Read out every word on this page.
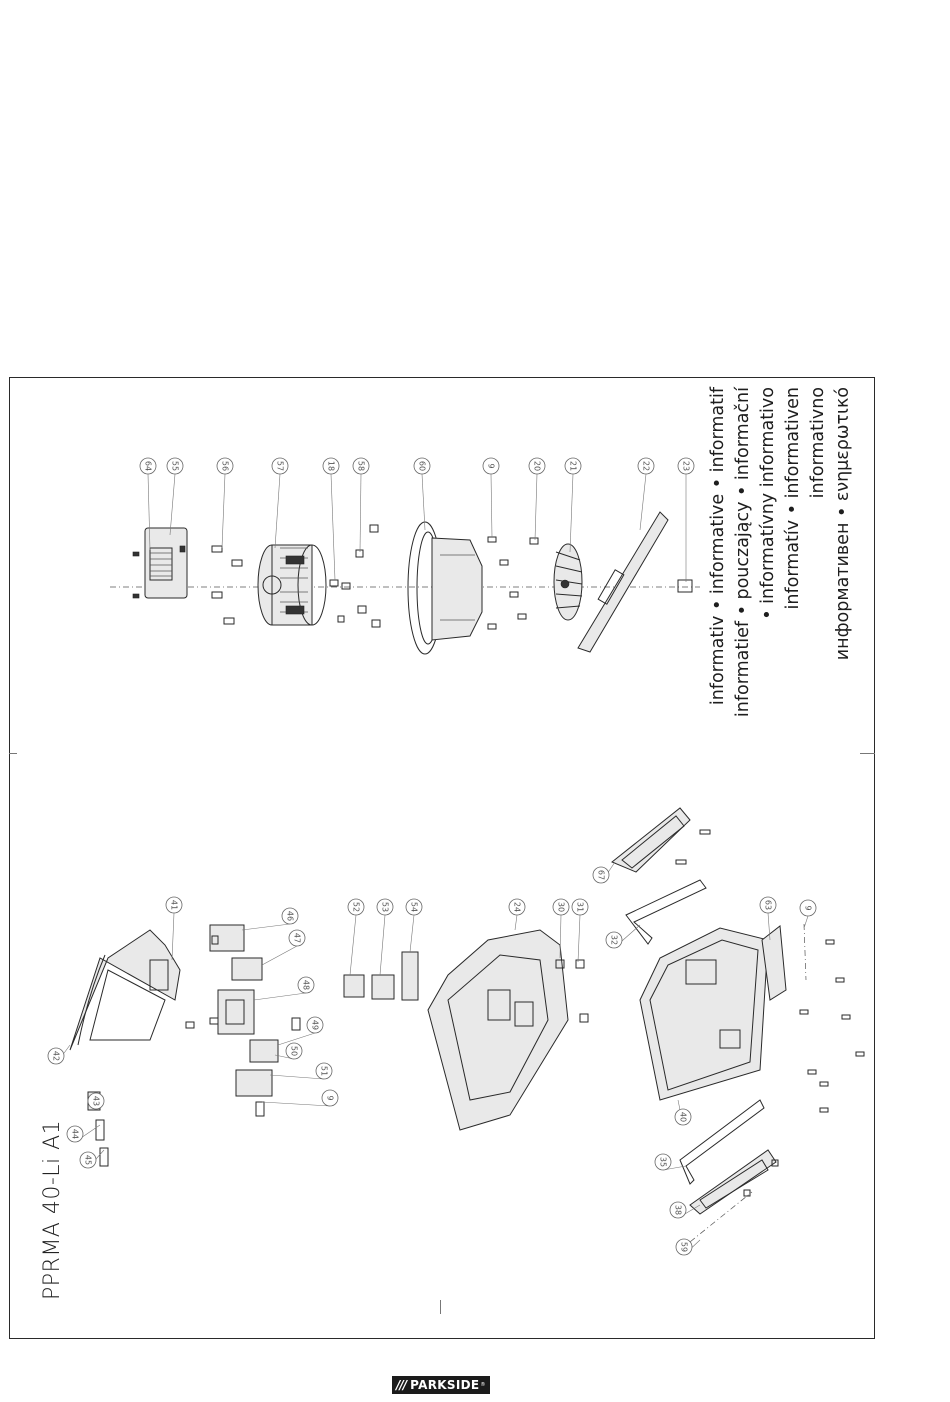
64 55	56	57	18	58	60	9	20	21	22	23
41
42
43
44
45
46
47
48
49
50
51
9
52	53	54	24	30 31
32
67
63	9
40
35
38
59
PPRMA 40-Li A1
informativ • informative • informatif informatief • pouczający • informační • informatívny informativo informatív • informativen informativno информативен • ενημερωτικό
/// PARKSIDE ®
